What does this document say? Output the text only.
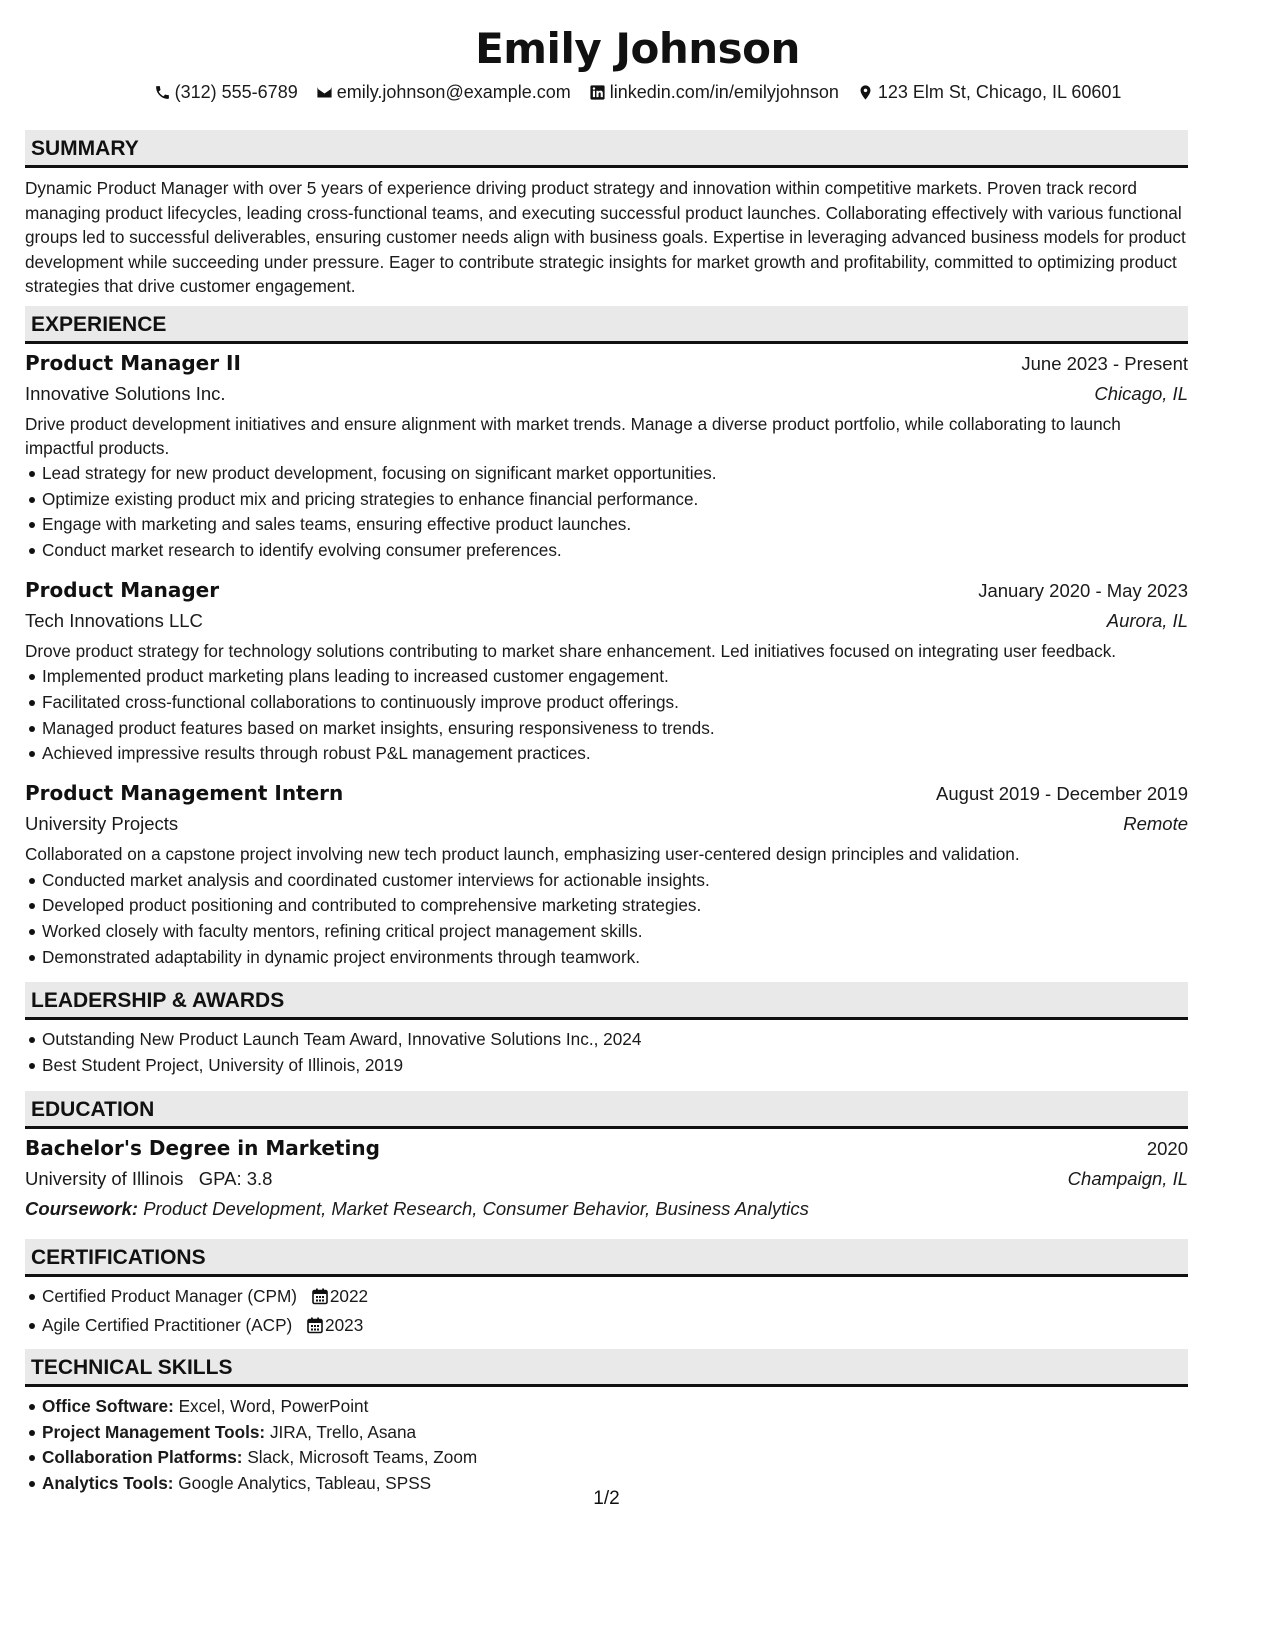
Emily Johnson
(312) 555-6789 emily.johnson@example.com linkedin.com/in/emilyjohnson 123 Elm St, Chicago, IL 60601
SUMMARY

Dynamic Product Manager with over 5 years of experience driving product strategy and innovation within competitive markets. Proven track record managing product lifecycles, leading cross-functional teams, and executing successful product launches. Collaborating effectively with various functional groups led to successful deliverables, ensuring customer needs align with business goals. Expertise in leveraging advanced business models for product development while succeeding under pressure. Eager to contribute strategic insights for market growth and profitability, committed to optimizing product strategies that drive customer engagement.

EXPERIENCE
Product Manager II	June 2023 - Present
Innovative Solutions Inc.	Chicago, IL

Drive product development initiatives and ensure alignment with market trends. Manage a diverse product portfolio, while collaborating to launch impactful products.

Lead strategy for new product development, focusing on significant market opportunities.
Optimize existing product mix and pricing strategies to enhance financial performance.
Engage with marketing and sales teams, ensuring effective product launches.
Conduct market research to identify evolving consumer preferences.
Product Manager	January 2020 - May 2023
Tech Innovations LLC	Aurora, IL

Drove product strategy for technology solutions contributing to market share enhancement. Led initiatives focused on integrating user feedback.

Implemented product marketing plans leading to increased customer engagement.
Facilitated cross-functional collaborations to continuously improve product offerings.
Managed product features based on market insights, ensuring responsiveness to trends.
Achieved impressive results through robust P&L management practices.
Product Management Intern	August 2019 - December 2019
University Projects	Remote

Collaborated on a capstone project involving new tech product launch, emphasizing user-centered design principles and validation.

Conducted market analysis and coordinated customer interviews for actionable insights.
Developed product positioning and contributed to comprehensive marketing strategies.
Worked closely with faculty mentors, refining critical project management skills.
Demonstrated adaptability in dynamic project environments through teamwork.
LEADERSHIP & AWARDS
Outstanding New Product Launch Team Award, Innovative Solutions Inc., 2024
Best Student Project, University of Illinois, 2019
EDUCATION
Bachelor's Degree in Marketing	2020
University of Illinois GPA: 3.8	Champaign, IL
Coursework: Product Development, Market Research, Consumer Behavior, Business Analytics
CERTIFICATIONS
Certified Product Manager (CPM) 2022
Agile Certified Practitioner (ACP) 2023
TECHNICAL SKILLS
Office Software: Excel, Word, PowerPoint
Project Management Tools: JIRA, Trello, Asana
Collaboration Platforms: Slack, Microsoft Teams, Zoom
Analytics Tools: Google Analytics, Tableau, SPSS
1/2
